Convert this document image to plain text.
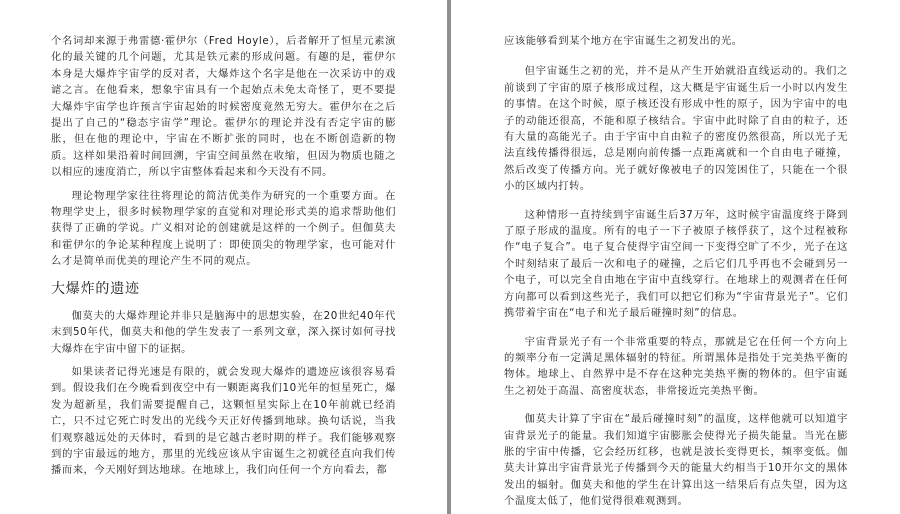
个名词却来源于弗雷德·霍伊尔（Fred Hoyle），后者解开了恒星元素演化的最关键的几个问题，尤其是铁元素的形成问题。有趣的是，霍伊尔本身是大爆炸宇宙学的反对者，大爆炸这个名字是他在一次采访中的戏谑之言。在他看来，想象宇宙具有一个起始点未免太奇怪了，更不要提大爆炸宇宙学也许预言宇宙起始的时候密度竟然无穷大。霍伊尔在之后提出了自己的“稳态宇宙学”理论。霍伊尔的理论并没有否定宇宙的膨胀，但在他的理论中，宇宙在不断扩张的同时，也在不断创造新的物质。这样如果沿着时间回溯，宇宙空间虽然在收缩，但因为物质也随之以相应的速度消亡，所以宇宙整体看起来和今天没有不同。

理论物理学家往往将理论的简洁优美作为研究的一个重要方面。在物理学史上，很多时候物理学家的直觉和对理论形式美的追求帮助他们获得了正确的学说。广义相对论的创建就是这样的一个例子。但伽莫夫和霍伊尔的争论某种程度上说明了：即使顶尖的物理学家，也可能对什么才是简单而优美的理论产生不同的观点。

大爆炸的遗迹

伽莫夫的大爆炸理论并非只是脑海中的思想实验，在20世纪40年代末到50年代，伽莫夫和他的学生发表了一系列文章，深入探讨如何寻找大爆炸在宇宙中留下的证据。

如果读者记得光速是有限的，就会发现大爆炸的遗迹应该很容易看到。假设我们在今晚看到夜空中有一颗距离我们10光年的恒星死亡，爆发为超新星，我们需要提醒自己，这颗恒星实际上在10年前就已经消亡，只不过它死亡时发出的光线今天正好传播到地球。换句话说，当我们观察越远处的天体时，看到的是它越古老时期的样子。我们能够观察到的宇宙最远的地方，那里的光线应该从宇宙诞生之初就径直向我们传播而来，今天刚好到达地球。在地球上，我们向任何一个方向看去，都

应该能够看到某个地方在宇宙诞生之初发出的光。

但宇宙诞生之初的光，并不是从产生开始就沿直线运动的。我们之前谈到了宇宙的原子核形成过程，这大概是宇宙诞生后一小时以内发生的事情。在这个时候，原子核还没有形成中性的原子，因为宇宙中的电子的动能还很高，不能和原子核结合。宇宙中此时除了自由的粒子，还有大量的高能光子。由于宇宙中自由粒子的密度仍然很高，所以光子无法直线传播得很远，总是刚向前传播一点距离就和一个自由电子碰撞，然后改变了传播方向。光子就好像被电子的囚笼困住了，只能在一个很小的区域内打转。

这种情形一直持续到宇宙诞生后37万年，这时候宇宙温度终于降到了原子形成的温度。所有的电子一下子被原子核俘获了，这个过程被称作“电子复合”。电子复合使得宇宙空间一下变得空旷了不少，光子在这个时刻结束了最后一次和电子的碰撞，之后它们几乎再也不会碰到另一个电子，可以完全自由地在宇宙中直线穿行。在地球上的观测者在任何方向都可以看到这些光子，我们可以把它们称为“宇宙背景光子”。它们携带着宇宙在“电子和光子最后碰撞时刻”的信息。

宇宙背景光子有一个非常重要的特点，那就是它在任何一个方向上的频率分布一定满足黑体辐射的特征。所谓黑体是指处于完美热平衡的物体。地球上、自然界中是不存在这种完美热平衡的物体的。但宇宙诞生之初处于高温、高密度状态，非常接近完美热平衡。

伽莫夫计算了宇宙在“最后碰撞时刻”的温度，这样他就可以知道宇宙背景光子的能量。我们知道宇宙膨胀会使得光子损失能量。当光在膨胀的宇宙中传播，它会经历红移，也就是波长变得更长，频率变低。伽莫夫计算出宇宙背景光子传播到今天的能量大约相当于10开尔文的黑体发出的辐射。伽莫夫和他的学生在计算出这一结果后有点失望，因为这个温度太低了，他们觉得很难观测到。
